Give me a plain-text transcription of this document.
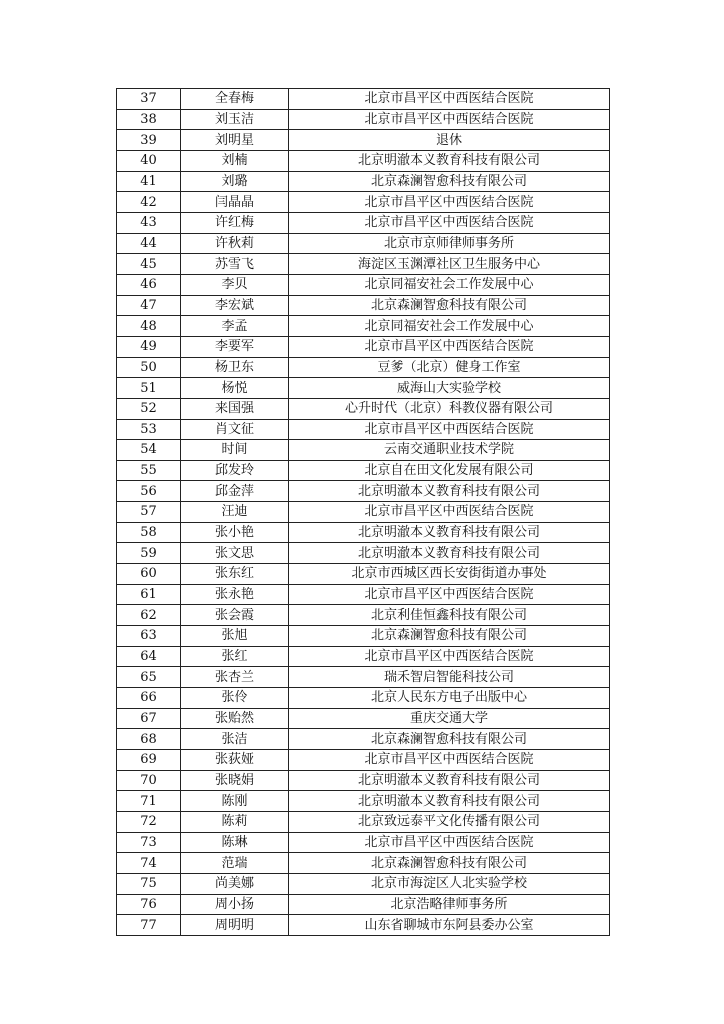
37	全春梅	北京市昌平区中西医结合医院
38	刘玉洁	北京市昌平区中西医结合医院
39	刘明星	退休
40	刘楠	北京明澈本义教育科技有限公司
41	刘璐	北京森澜智愈科技有限公司
42	闫晶晶	北京市昌平区中西医结合医院
43	许红梅	北京市昌平区中西医结合医院
44	许秋莉	北京市京师律师事务所
45	苏雪飞	海淀区玉渊潭社区卫生服务中心
46	李贝	北京同福安社会工作发展中心
47	李宏斌	北京森澜智愈科技有限公司
48	李孟	北京同福安社会工作发展中心
49	李要军	北京市昌平区中西医结合医院
50	杨卫东	豆爹（北京）健身工作室
51	杨悦	威海山大实验学校
52	来国强	心升时代（北京）科教仪器有限公司
53	肖文征	北京市昌平区中西医结合医院
54	时间	云南交通职业技术学院
55	邱发玲	北京自在田文化发展有限公司
56	邱金萍	北京明澈本义教育科技有限公司
57	汪迪	北京市昌平区中西医结合医院
58	张小艳	北京明澈本义教育科技有限公司
59	张文思	北京明澈本义教育科技有限公司
60	张东红	北京市西城区西长安街街道办事处
61	张永艳	北京市昌平区中西医结合医院
62	张会霞	北京利佳恒鑫科技有限公司
63	张旭	北京森澜智愈科技有限公司
64	张红	北京市昌平区中西医结合医院
65	张杏兰	瑞禾智启智能科技公司
66	张伶	北京人民东方电子出版中心
67	张贻然	重庆交通大学
68	张洁	北京森澜智愈科技有限公司
69	张荻娅	北京市昌平区中西医结合医院
70	张晓娟	北京明澈本义教育科技有限公司
71	陈刚	北京明澈本义教育科技有限公司
72	陈莉	北京致远泰平文化传播有限公司
73	陈琳	北京市昌平区中西医结合医院
74	范瑞	北京森澜智愈科技有限公司
75	尚美娜	北京市海淀区人北实验学校
76	周小扬	北京浩略律师事务所
77	周明明	山东省聊城市东阿县委办公室
